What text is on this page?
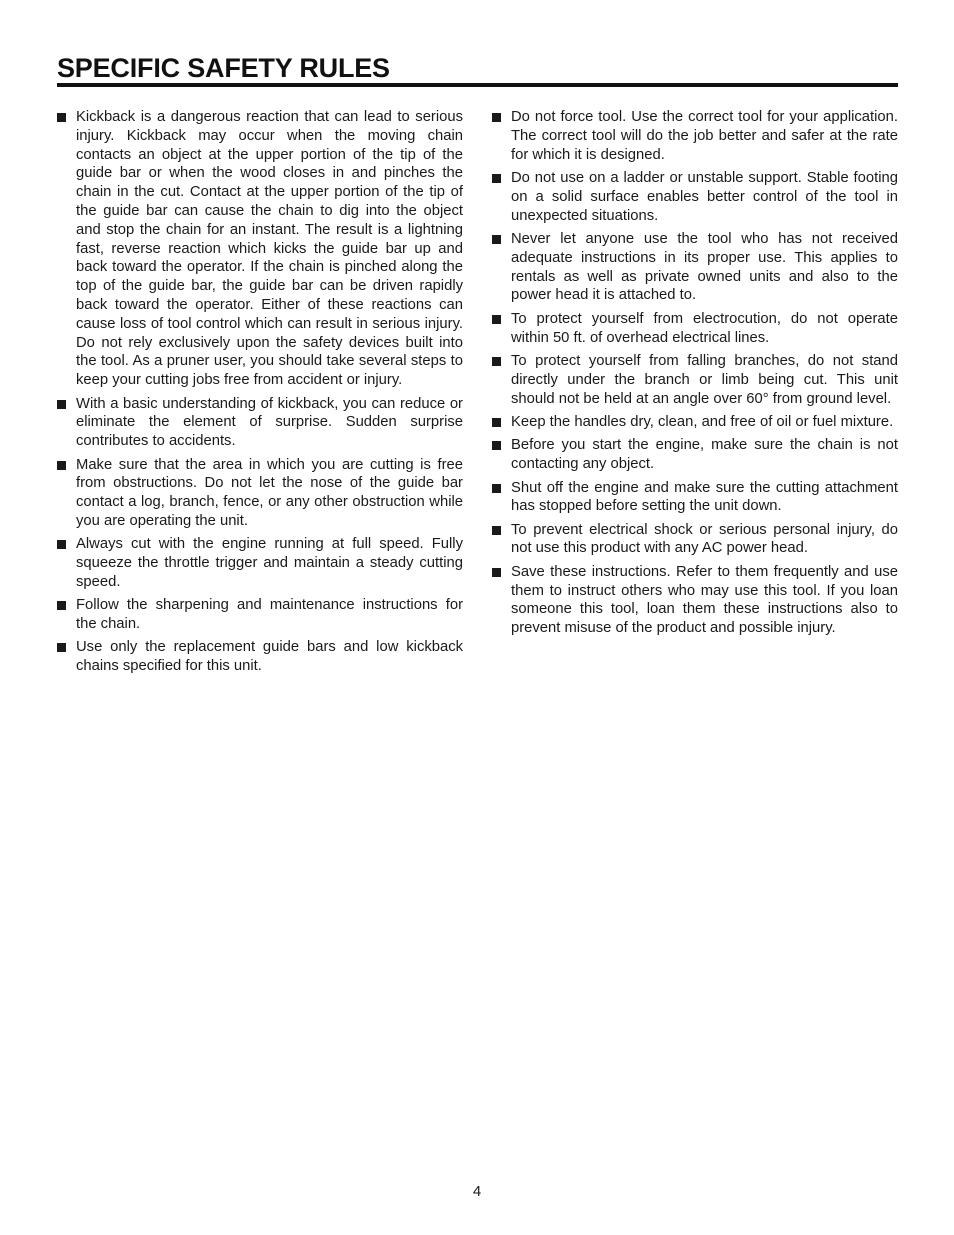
SPECIFIC SAFETY RULES
Kickback is a dangerous reaction that can lead to serious injury. Kickback may occur when the moving chain contacts an object at the upper portion of the tip of the guide bar or when the wood closes in and pinches the chain in the cut. Contact at the upper portion of the tip of the guide bar can cause the chain to dig into the object and stop the chain for an instant. The result is a lightning fast, reverse reaction which kicks the guide bar up and back toward the operator. If the chain is pinched along the top of the guide bar, the guide bar can be driven rapidly back toward the operator. Either of these reactions can cause loss of tool control which can result in serious injury. Do not rely exclusively upon the safety devices built into the tool. As a pruner user, you should take several steps to keep your cutting jobs free from accident or injury.
With a basic understanding of kickback, you can reduce or eliminate the element of surprise. Sudden surprise contributes to accidents.
Make sure that the area in which you are cutting is free from obstructions. Do not let the nose of the guide bar contact a log, branch, fence, or any other obstruction while you are operating the unit.
Always cut with the engine running at full speed. Fully squeeze the throttle trigger and maintain a steady cutting speed.
Follow the sharpening and maintenance instructions for the chain.
Use only the replacement guide bars and low kickback chains specified for this unit.
Do not force tool. Use the correct tool for your application. The correct tool will do the job better and safer at the rate for which it is designed.
Do not use on a ladder or unstable support. Stable footing on a solid surface enables better control of the tool in unexpected situations.
Never let anyone use the tool who has not received adequate instructions in its proper use. This applies to rentals as well as private owned units and also to the power head it is attached to.
To protect yourself from electrocution, do not operate within 50 ft. of overhead electrical lines.
To protect yourself from falling branches, do not stand directly under the branch or limb being cut. This unit should not be held at an angle over 60° from ground level.
Keep the handles dry, clean, and free of oil or fuel mixture.
Before you start the engine, make sure the chain is not contacting any object.
Shut off the engine and make sure the cutting attachment has stopped before setting the unit down.
To prevent electrical shock or serious personal injury, do not use this product with any AC power head.
Save these instructions. Refer to them frequently and use them to instruct others who may use this tool. If you loan someone this tool, loan them these instructions also to prevent misuse of the product and possible injury.
4
